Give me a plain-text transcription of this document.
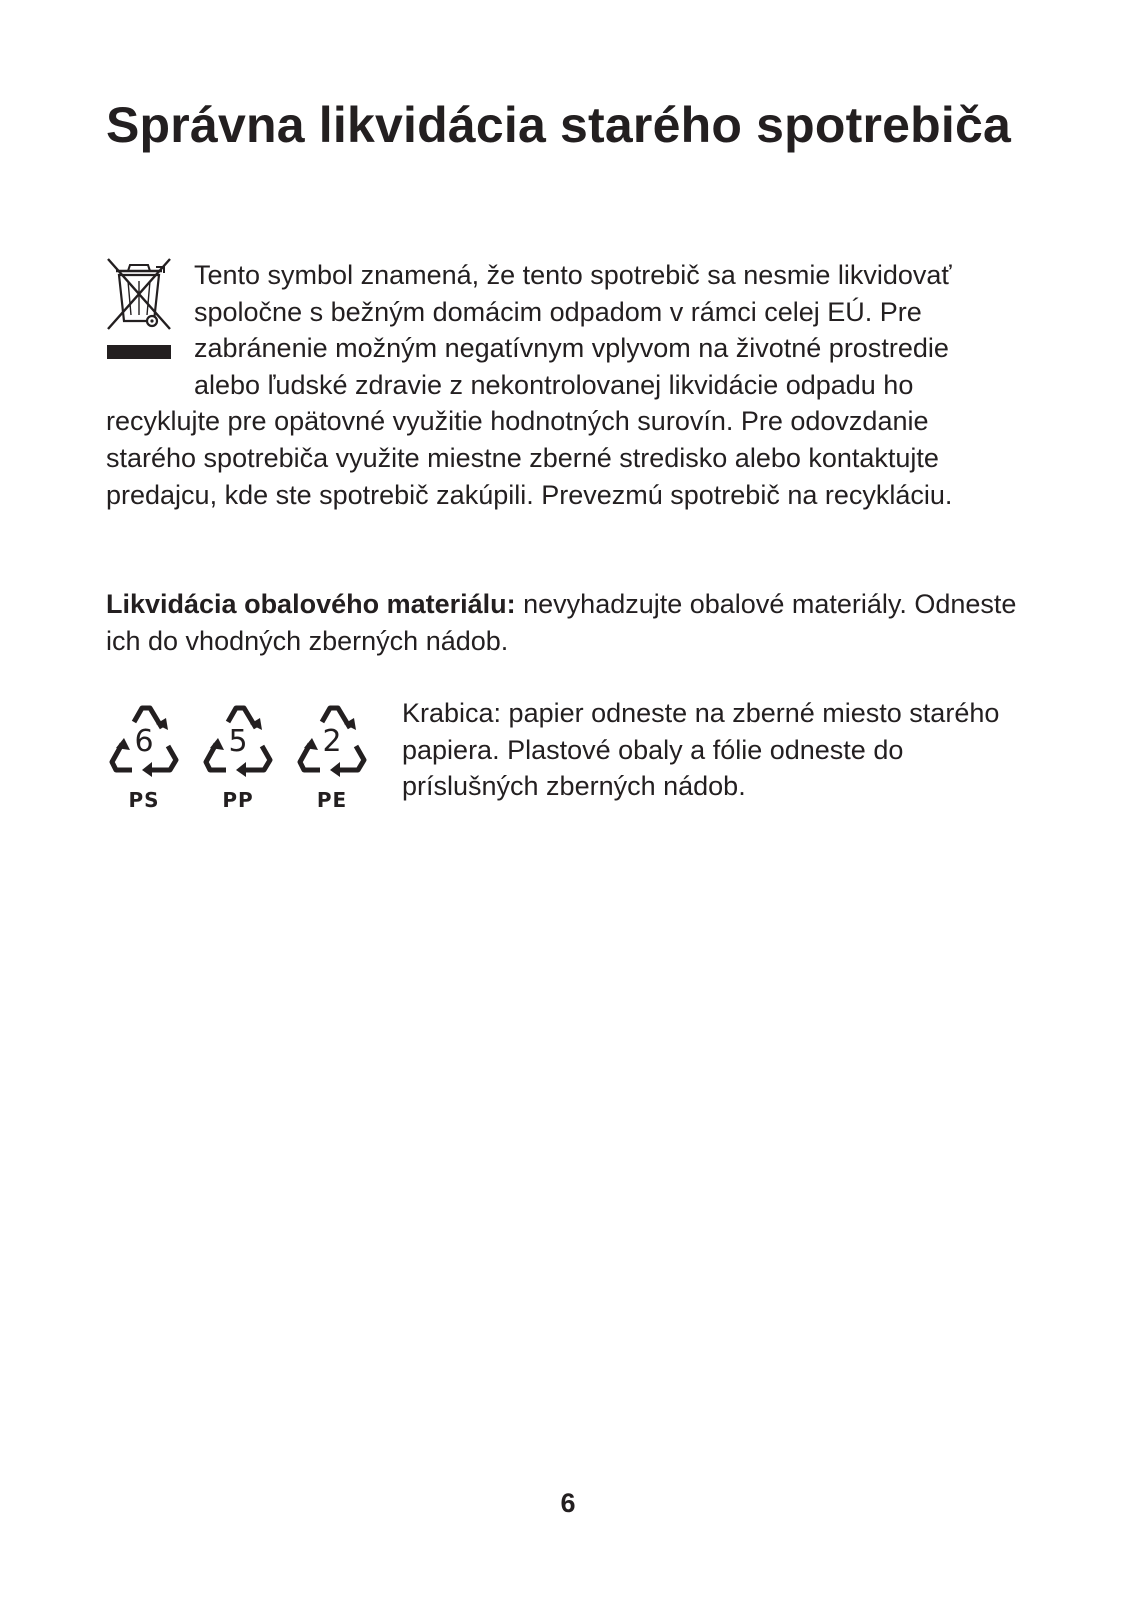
Správna likvidácia starého spotrebiča

Tento symbol znamená, že tento spotrebič sa nesmie likvidovať spoločne s bežným domácim odpadom v rámci celej EÚ. Pre zabránenie možným negatívnym vplyvom na životné prostredie alebo ľudské zdravie z nekontrolovanej likvidácie odpadu ho recyklujte pre opätovné využitie hodnotných surovín. Pre odovzdanie starého spotrebiča využite miestne zberné stredisko alebo kontaktujte predajcu, kde ste spotrebič zakúpili. Prevezmú spotrebič na recykláciu.

Likvidácia obalového materiálu: nevyhadzujte obalové materiály. Odneste ich do vhodných zberných nádob.

6
PS
5
PP
2
PE

Krabica: papier odneste na zberné miesto starého papiera. Plastové obaly a fólie odneste do príslušných zberných nádob.

6
